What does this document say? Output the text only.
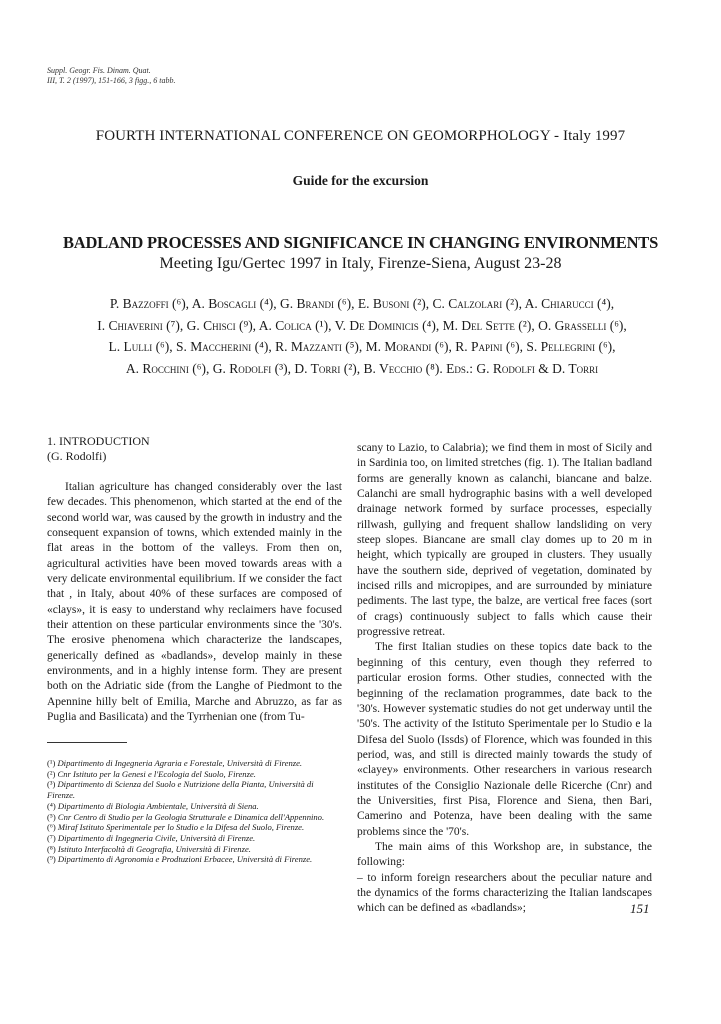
Suppl. Geogr. Fis. Dinam. Quat.
III, T. 2 (1997), 151-166, 3 figg., 6 tabb.
FOURTH INTERNATIONAL CONFERENCE ON GEOMORPHOLOGY - Italy 1997
Guide for the excursion
BADLAND PROCESSES AND SIGNIFICANCE IN CHANGING ENVIRONMENTS
Meeting Igu/Gertec 1997 in Italy, Firenze-Siena, August 23-28
P. Bazzoffi (⁶), A. Boscagli (⁴), G. Brandi (⁶), E. Busoni (²), C. Calzolari (²), A. Chiarucci (⁴),
I. Chiaverini (⁷), G. Chisci (⁹), A. Colica (¹), V. De Dominicis (⁴), M. Del Sette (²), O. Grasselli (⁶),
L. Lulli (⁶), S. Maccherini (⁴), R. Mazzanti (⁵), M. Morandi (⁶), R. Papini (⁶), S. Pellegrini (⁶),
A. Rocchini (⁶), G. Rodolfi (³), D. Torri (²), B. Vecchio (⁸). Eds.: G. Rodolfi & D. Torri
1. INTRODUCTION
(G. Rodolfi)

Italian agriculture has changed considerably over the last few decades. This phenomenon, which started at the end of the second world war, was caused by the growth in industry and the consequent expansion of towns, which extended mainly in the flat areas in the bottom of the valleys. From then on, agricultural activities have been moved towards areas with a very delicate environmental equilibrium. If we consider the fact that , in Italy, about 40% of these surfaces are composed of «clays», it is easy to understand why reclaimers have focused their attention on these particular environments since the '30's. The erosive phenomena which characterize the landscapes, generically defined as «badlands», develop mainly in these environments, and in a highly intense form. They are present both on the Adriatic side (from the Langhe of Piedmont to the Apennine hilly belt of Emilia, Marche and Abruzzo, as far as Puglia and Basilicata) and the Tyrrhenian one (from Tu-

(¹) Dipartimento di Ingegneria Agraria e Forestale, Università di Firenze.
(²) Cnr Istituto per la Genesi e l'Ecologia del Suolo, Firenze.
(³) Dipartimento di Scienza del Suolo e Nutrizione della Pianta, Università di Firenze.
(⁴) Dipartimento di Biologia Ambientale, Università di Siena.
(⁵) Cnr Centro di Studio per la Geologia Strutturale e Dinamica dell'Appennino.
(⁶) Miraf Istituto Sperimentale per lo Studio e la Difesa del Suolo, Firenze.
(⁷) Dipartimento di Ingegneria Civile, Università di Firenze.
(⁸) Istituto Interfacoltà di Geografia, Università di Firenze.
(⁹) Dipartimento di Agronomia e Prodtuzioni Erbacee, Università di Firenze.

scany to Lazio, to Calabria); we find them in most of Sicily and in Sardinia too, on limited stretches (fig. 1). The Italian badland forms are generally known as calanchi, biancane and balze. Calanchi are small hydrographic basins with a well developed drainage network formed by surface processes, especially rillwash, gullying and frequent shallow landsliding on very steep slopes. Biancane are small clay domes up to 20 m in height, which typically are grouped in clusters. They usually have the southern side, deprived of vegetation, dominated by incised rills and micropipes, and are surrounded by miniature pediments. The last type, the balze, are vertical free faces (sort of crags) continuously subject to falls which cause their progressive retreat.

The first Italian studies on these topics date back to the beginning of this century, even though they referred to particular erosion forms. Other studies, connected with the beginning of the reclamation programmes, date back to the '30's. However systematic studies do not get underway until the '50's. The activity of the Istituto Sperimentale per lo Studio e la Difesa del Suolo (Issds) of Florence, which was founded in this period, was, and still is directed mainly towards the study of «clayey» environments. Other researchers in various research institutes of the Consiglio Nazionale delle Ricerche (Cnr) and the Universities, first Pisa, Florence and Siena, then Bari, Camerino and Potenza, have been dealing with the same problems since the '70's.

The main aims of this Workshop are, in substance, the following:

– to inform foreign researchers about the peculiar nature and the dynamics of the forms characterizing the Italian landscapes which can be defined as «badlands»;	151
